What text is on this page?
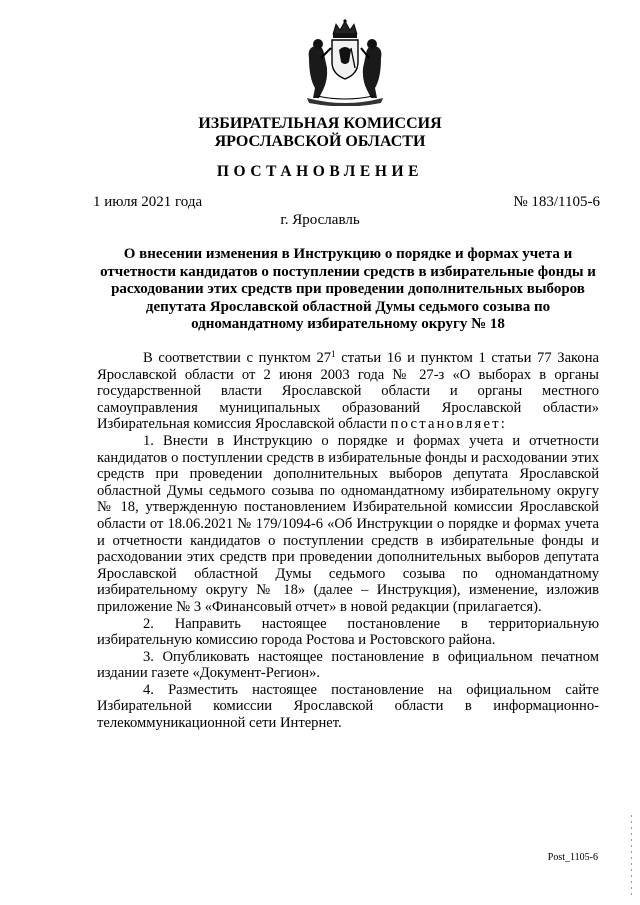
ИЗБИРАТЕЛЬНАЯ КОМИССИЯ
ЯРОСЛАВСКОЙ ОБЛАСТИ
ПОСТАНОВЛЕНИЕ
1 июля 2021 года	№ 183/1105-6
г. Ярославль
О внесении изменения в Инструкцию о порядке и формах учета и отчетности кандидатов о поступлении средств в избирательные фонды и расходовании этих средств при проведении дополнительных выборов депутата Ярославской областной Думы седьмого созыва по одномандатному избирательному округу № 18

В соответствии с пунктом $27^1$ статьи 16 и пунктом 1 статьи 77 Закона Ярославской области от 2 июня 2003 года № 27-з «О выборах в органы государственной власти Ярославской области и органы местного самоуправления муниципальных образований Ярославской области» Избирательная комиссия Ярославской области постановляет:

1. Внести в Инструкцию о порядке и формах учета и отчетности кандидатов о поступлении средств в избирательные фонды и расходовании этих средств при проведении дополнительных выборов депутата Ярославской областной Думы седьмого созыва по одномандатному избирательному округу № 18, утвержденную постановлением Избирательной комиссии Ярославской области от 18.06.2021 № 179/1094-6 «Об Инструкции о порядке и формах учета и отчетности кандидатов о поступлении средств в избирательные фонды и расходовании этих средств при проведении дополнительных выборов депутата Ярославской областной Думы седьмого созыва по одномандатному избирательному округу № 18» (далее – Инструкция), изменение, изложив приложение № 3 «Финансовый отчет» в новой редакции (прилагается).

2. Направить настоящее постановление в территориальную избирательную комиссию города Ростова и Ростовского района.

3. Опубликовать настоящее постановление в официальном печатном издании газете «Документ-Регион».

4. Разместить настоящее постановление на официальном сайте Избирательной комиссии Ярославской области в информационно-телекоммуникационной сети Интернет.

Post_1105-6
